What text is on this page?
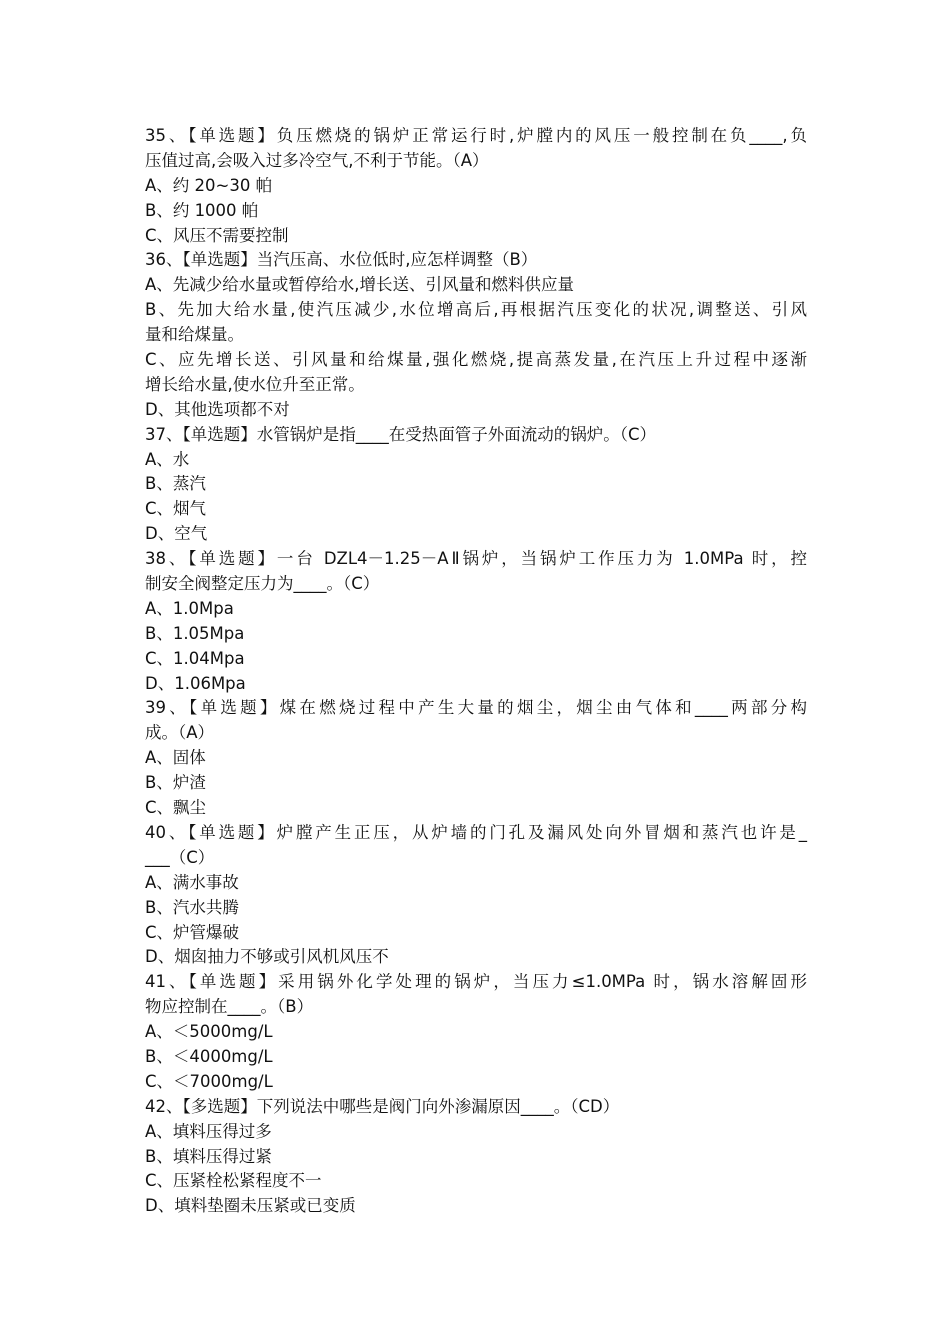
35、【单选题】负压燃烧的锅炉正常运行时,炉膛内的风压一般控制在负____,负
压值过高,会吸入过多冷空气,不利于节能。（A）
A、约 20~30 帕
B、约 1000 帕
C、风压不需要控制
36、【单选题】当汽压高、水位低时,应怎样调整（B）
A、先减少给水量或暂停给水,增长送、引风量和燃料供应量
B、先加大给水量,使汽压减少,水位增高后,再根据汽压变化的状况,调整送、引风
量和给煤量。
C、应先增长送、引风量和给煤量,强化燃烧,提高蒸发量,在汽压上升过程中逐渐
增长给水量,使水位升至正常。
D、其他选项都不对
37、【单选题】水管锅炉是指____在受热面管子外面流动的锅炉。（C）
A、水
B、蒸汽
C、烟气
D、空气
38、【单选题】一台 DZL4－1.25－AⅡ锅炉，当锅炉工作压力为 1.0MPa 时，控
制安全阀整定压力为____。（C）
A、1.0Mpa
B、1.05Mpa
C、1.04Mpa
D、1.06Mpa
39、【单选题】煤在燃烧过程中产生大量的烟尘，烟尘由气体和____两部分构
成。（A）
A、固体
B、炉渣
C、飘尘
40、【单选题】炉膛产生正压，从炉墙的门孔及漏风处向外冒烟和蒸汽也许是_
___（C）
A、满水事故
B、汽水共腾
C、炉管爆破
D、烟囱抽力不够或引风机风压不
41、【单选题】采用锅外化学处理的锅炉，当压力≤1.0MPa 时，锅水溶解固形
物应控制在____。（B）
A、＜5000mg/L
B、＜4000mg/L
C、＜7000mg/L
42、【多选题】下列说法中哪些是阀门向外渗漏原因____。（CD）
A、填料压得过多
B、填料压得过紧
C、压紧栓松紧程度不一
D、填料垫圈未压紧或已变质
